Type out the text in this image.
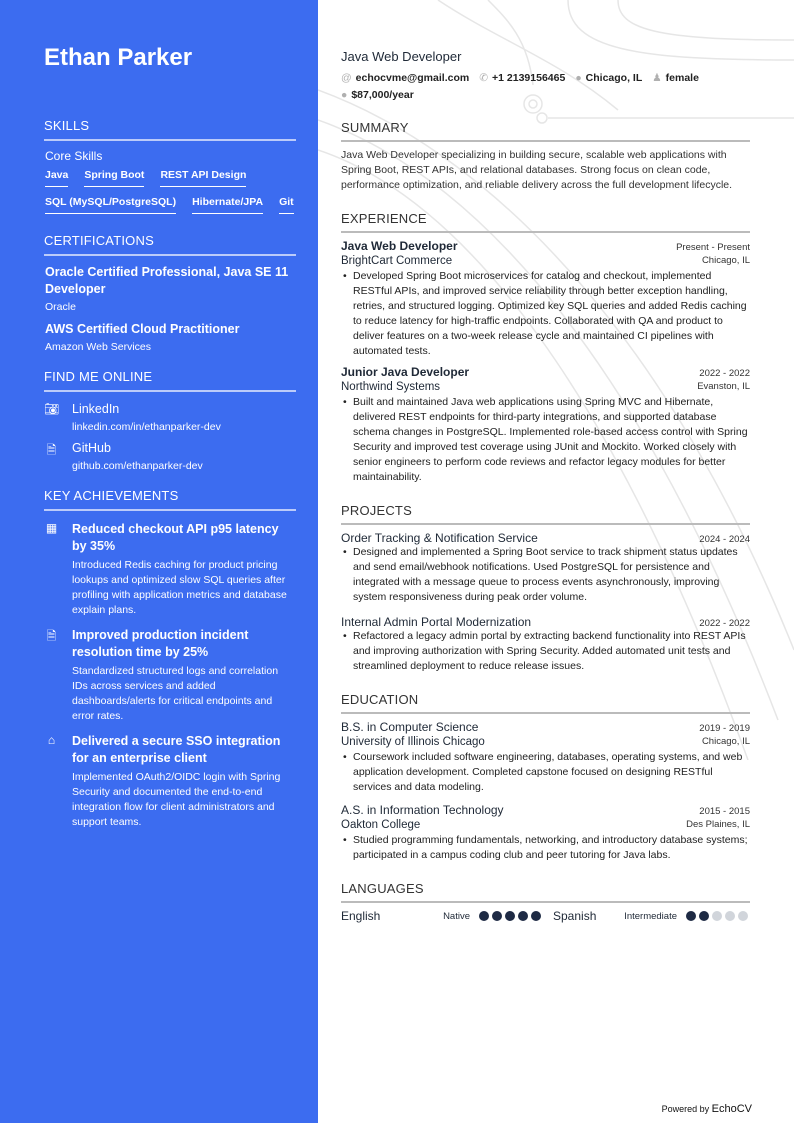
Ethan Parker
SKILLS
Core Skills
Java Spring Boot REST API Design
SQL (MySQL/PostgreSQL) Hibernate/JPA Git
CERTIFICATIONS
Oracle Certified Professional, Java SE 11 Developer
Oracle
AWS Certified Cloud Practitioner
Amazon Web Services
FIND ME ONLINE
📷︎ LinkedIn
linkedin.com/in/ethanparker-dev
🗎 GitHub
github.com/ethanparker-dev
KEY ACHIEVEMENTS
▦ Reduced checkout API p95 latency by 35%
Introduced Redis caching for product pricing lookups and optimized slow SQL queries after profiling with application metrics and database explain plans.
🗎 Improved production incident resolution time by 25%
Standardized structured logs and correlation IDs across services and added dashboards/alerts for critical endpoints and error rates.
⌂	Delivered a secure SSO integration for an enterprise client
Implemented OAuth2/OIDC login with Spring Security and documented the end-to-end integration flow for client administrators and support teams.
Java Web Developer
@ echocvme@gmail.com ✆ +1 2139156465 ● Chicago, IL ♟ female
● $87,000/year
SUMMARY
Java Web Developer specializing in building secure, scalable web applications with Spring Boot, REST APIs, and relational databases. Strong focus on clean code, performance optimization, and reliable delivery across the full development lifecycle.
EXPERIENCE
Java Web Developer	Present - Present
BrightCart Commerce	Chicago, IL
• Developed Spring Boot microservices for catalog and checkout, implemented RESTful APIs, and improved service reliability through better exception handling, retries, and structured logging. Optimized key SQL queries and added Redis caching to reduce latency for high-traffic endpoints. Collaborated with QA and product to deliver features on a two-week release cycle and maintained CI pipelines with automated tests.
Junior Java Developer	2022 - 2022
Northwind Systems	Evanston, IL
• Built and maintained Java web applications using Spring MVC and Hibernate, delivered REST endpoints for third-party integrations, and supported database schema changes in PostgreSQL. Implemented role-based access control with Spring Security and improved test coverage using JUnit and Mockito. Worked closely with senior engineers to perform code reviews and refactor legacy modules for better maintainability.
PROJECTS
Order Tracking & Notification Service	2024 - 2024
• Designed and implemented a Spring Boot service to track shipment status updates and send email/webhook notifications. Used PostgreSQL for persistence and integrated with a message queue to process events asynchronously, improving system responsiveness during peak order volume.
Internal Admin Portal Modernization	2022 - 2022
• Refactored a legacy admin portal by extracting backend functionality into REST APIs and improving authorization with Spring Security. Added automated unit tests and streamlined deployment to reduce release issues.
EDUCATION
B.S. in Computer Science	2019 - 2019
University of Illinois Chicago	Chicago, IL
• Coursework included software engineering, databases, operating systems, and web application development. Completed capstone focused on designing RESTful services and data modeling.
A.S. in Information Technology	2015 - 2015
Oakton College	Des Plaines, IL
• Studied programming fundamentals, networking, and introductory database systems; participated in a campus coding club and peer tutoring for Java labs.
LANGUAGES
English	Native	Spanish	Intermediate
Powered by EchoCV
